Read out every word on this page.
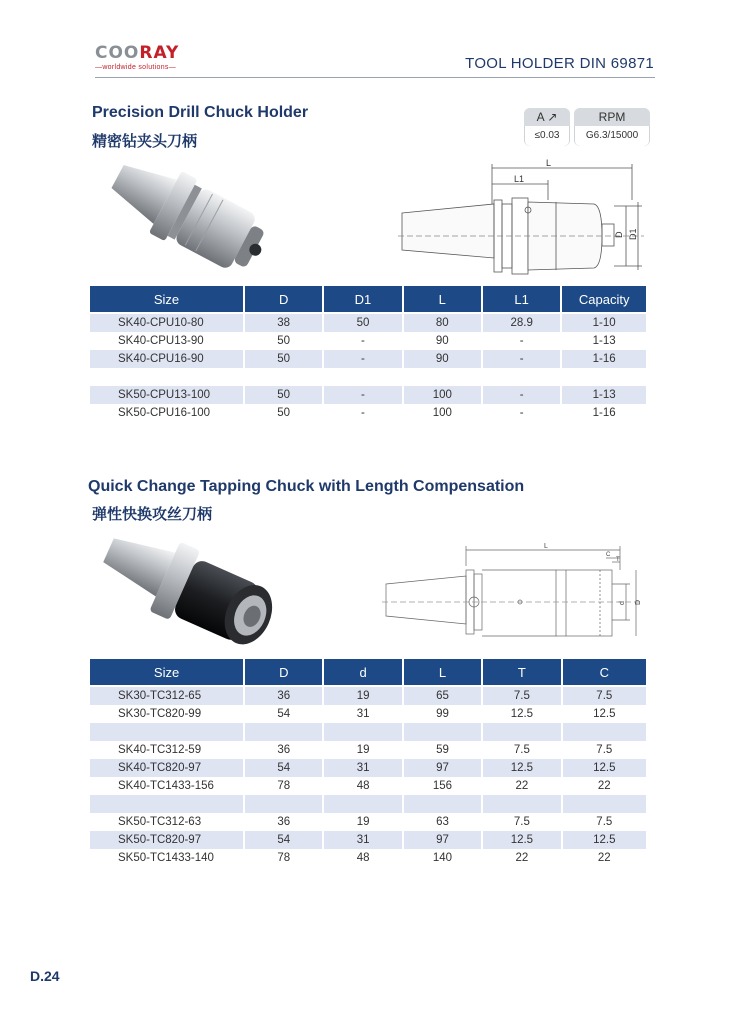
COORAY
—worldwide solutions—	TOOL HOLDER DIN 69871
Precision Drill Chuck Holder
精密钻夹头刀柄
A ↗
≤0.03
RPM
G6.3/15000
L
L1
D D1
Size	D	D1	L	L1	Capacity
SK40-CPU10-80	38	50	80	28.9	1-10
SK40-CPU13-90	50	-	90	-	1-13
SK40-CPU16-90	50	-	90	-	1-16

SK50-CPU13-100	50	-	100	-	1-13
SK50-CPU16-100	50	-	100	-	1-16
Quick Change Tapping Chuck with Length Compensation
弹性快换攻丝刀柄
L
C
T
d D
Size	D	d	L	T	C
SK30-TC312-65	36	19	65	7.5	7.5
SK30-TC820-99	54	31	99	12.5	12.5

SK40-TC312-59	36	19	59	7.5	7.5
SK40-TC820-97	54	31	97	12.5	12.5
SK40-TC1433-156	78	48	156	22	22

SK50-TC312-63	36	19	63	7.5	7.5
SK50-TC820-97	54	31	97	12.5	12.5
SK50-TC1433-140	78	48	140	22	22
D.24
